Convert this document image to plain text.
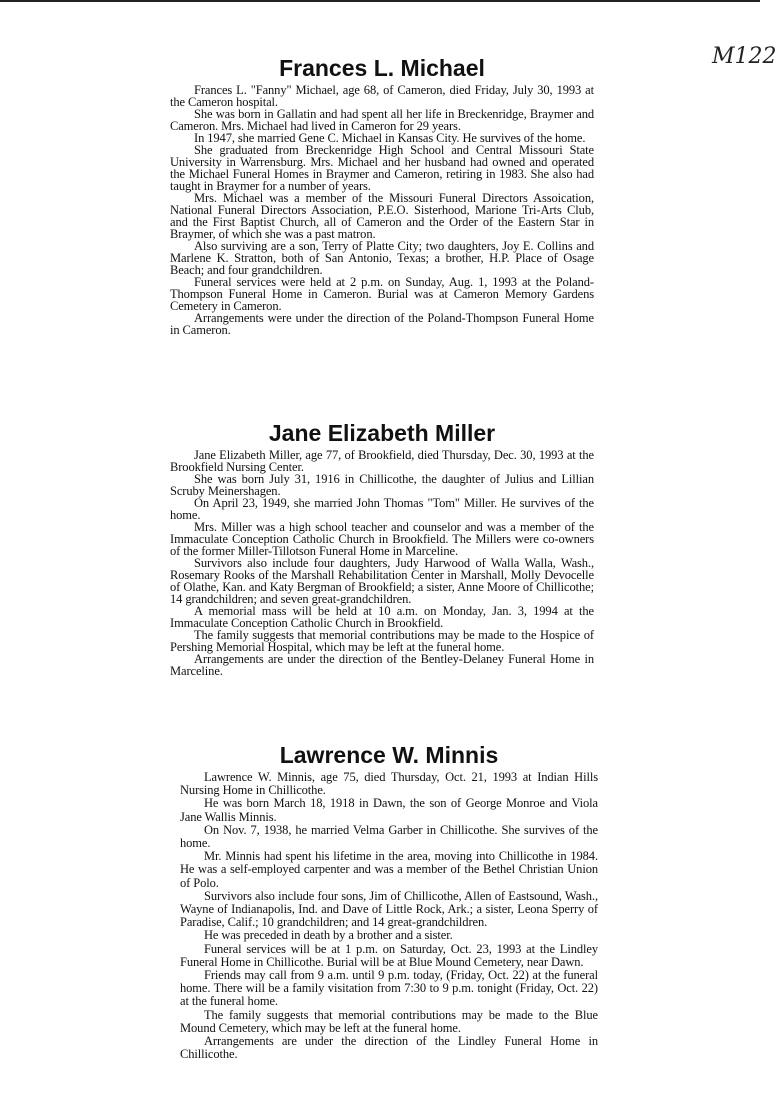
M122
Frances L. Michael

Frances L. "Fanny" Michael, age 68, of Cameron, died Friday, July 30, 1993 at the Cameron hospital.

She was born in Gallatin and had spent all her life in Breckenridge, Braymer and Cameron. Mrs. Michael had lived in Cameron for 29 years.

In 1947, she married Gene C. Michael in Kansas City. He survives of the home.

She graduated from Breckenridge High School and Central Missouri State University in Warrensburg. Mrs. Michael and her husband had owned and operated the Michael Funeral Homes in Braymer and Cameron, retiring in 1983. She also had taught in Braymer for a number of years.

Mrs. Michael was a member of the Missouri Funeral Directors Assoication, National Funeral Directors Association, P.E.O. Sisterhood, Marione Tri-Arts Club, and the First Baptist Church, all of Cameron and the Order of the Eastern Star in Braymer, of which she was a past matron.

Also surviving are a son, Terry of Platte City; two daughters, Joy E. Collins and Marlene K. Stratton, both of San Antonio, Texas; a brother, H.P. Place of Osage Beach; and four grandchildren.

Funeral services were held at 2 p.m. on Sunday, Aug. 1, 1993 at the Poland-Thompson Funeral Home in Cameron. Burial was at Cameron Memory Gardens Cemetery in Cameron.

Arrangements were under the direction of the Poland-Thompson Funeral Home in Cameron.

Jane Elizabeth Miller

Jane Elizabeth Miller, age 77, of Brookfield, died Thursday, Dec. 30, 1993 at the Brookfield Nursing Center.

She was born July 31, 1916 in Chillicothe, the daughter of Julius and Lillian Scruby Meinershagen.

On April 23, 1949, she married John Thomas "Tom" Miller. He survives of the home.

Mrs. Miller was a high school teacher and counselor and was a member of the Immaculate Conception Catholic Church in Brookfield. The Millers were co-owners of the former Miller-Tillotson Funeral Home in Marceline.

Survivors also include four daughters, Judy Harwood of Walla Walla, Wash., Rosemary Rooks of the Marshall Rehabilitation Center in Marshall, Molly Devocelle of Olathe, Kan. and Katy Bergman of Brookfield; a sister, Anne Moore of Chillicothe; 14 grandchildren; and seven great-grandchildren.

A memorial mass will be held at 10 a.m. on Monday, Jan. 3, 1994 at the Immaculate Conception Catholic Church in Brookfield.

The family suggests that memorial contributions may be made to the Hospice of Pershing Memorial Hospital, which may be left at the funeral home.

Arrangements are under the direction of the Bentley-Delaney Funeral Home in Marceline.

Lawrence W. Minnis

Lawrence W. Minnis, age 75, died Thursday, Oct. 21, 1993 at Indian Hills Nursing Home in Chillicothe.

He was born March 18, 1918 in Dawn, the son of George Monroe and Viola Jane Wallis Minnis.

On Nov. 7, 1938, he married Velma Garber in Chillicothe. She survives of the home.

Mr. Minnis had spent his lifetime in the area, moving into Chillicothe in 1984. He was a self-employed carpenter and was a member of the Bethel Christian Union of Polo.

Survivors also include four sons, Jim of Chillicothe, Allen of Eastsound, Wash., Wayne of Indianapolis, Ind. and Dave of Little Rock, Ark.; a sister, Leona Sperry of Paradise, Calif.; 10 grandchildren; and 14 great-grandchildren.

He was preceded in death by a brother and a sister.

Funeral services will be at 1 p.m. on Saturday, Oct. 23, 1993 at the Lindley Funeral Home in Chillicothe. Burial will be at Blue Mound Cemetery, near Dawn.

Friends may call from 9 a.m. until 9 p.m. today, (Friday, Oct. 22) at the funeral home. There will be a family visitation from 7:30 to 9 p.m. tonight (Friday, Oct. 22) at the funeral home.

The family suggests that memorial contributions may be made to the Blue Mound Cemetery, which may be left at the funeral home.

Arrangements are under the direction of the Lindley Funeral Home in Chillicothe.
